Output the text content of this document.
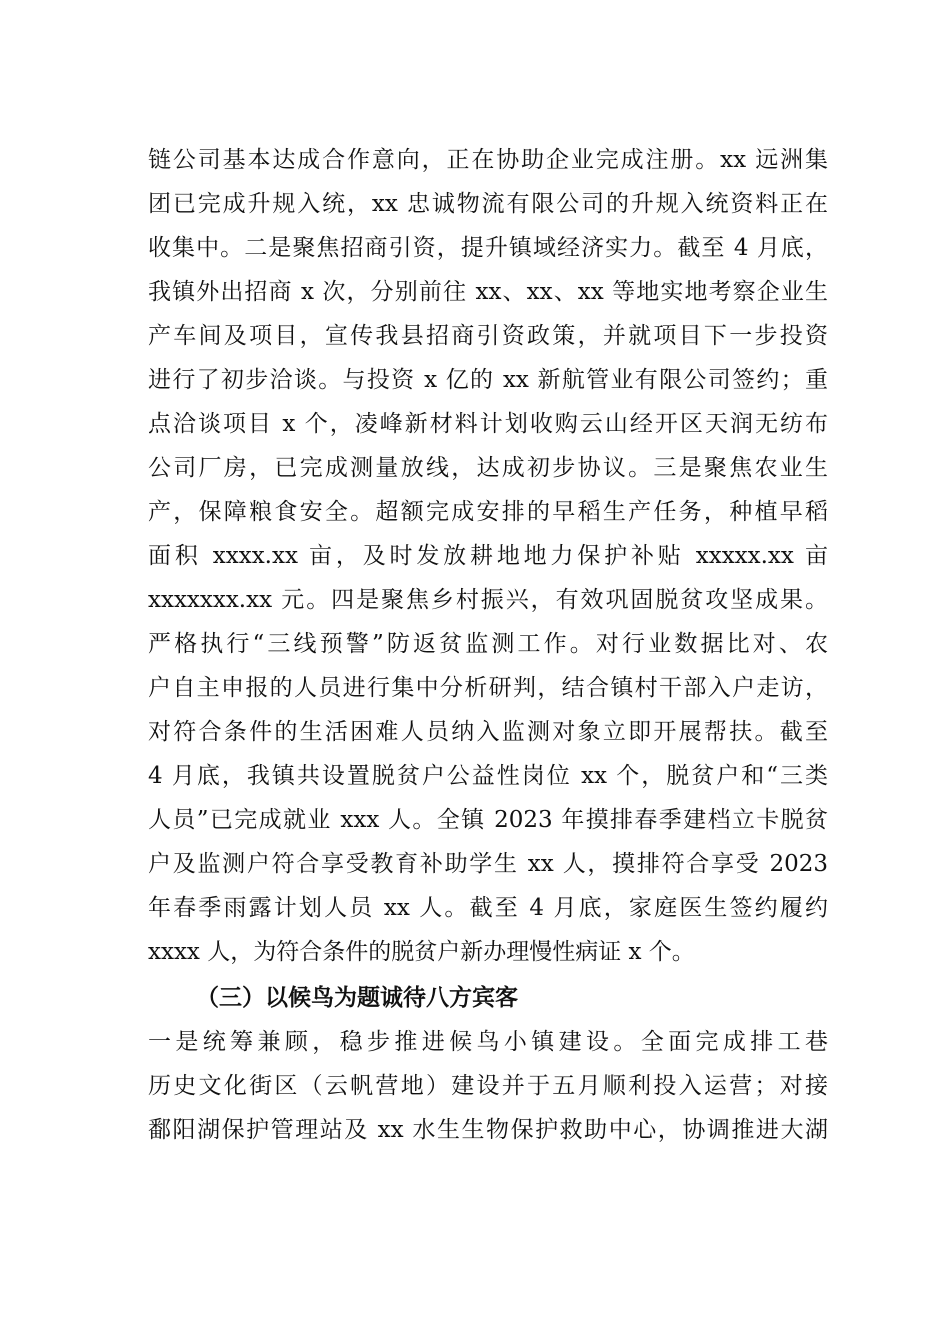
链公司基本达成合作意向，正在协助企业完成注册。xx 远洲集
团已完成升规入统，xx 忠诚物流有限公司的升规入统资料正在
收集中。二是聚焦招商引资，提升镇域经济实力。截至 4 月底，
我镇外出招商 x 次，分别前往 xx、xx、xx 等地实地考察企业生
产车间及项目，宣传我县招商引资政策，并就项目下一步投资
进行了初步洽谈。与投资 x 亿的 xx 新航管业有限公司签约；重
点洽谈项目 x 个，凌峰新材料计划收购云山经开区天润无纺布
公司厂房，已完成测量放线，达成初步协议。三是聚焦农业生
产，保障粮食安全。超额完成安排的早稻生产任务，种植早稻
面积 xxxx.xx 亩，及时发放耕地地力保护补贴 xxxxx.xx 亩
xxxxxxx.xx 元。四是聚焦乡村振兴，有效巩固脱贫攻坚成果。
严格执行“三线预警”防返贫监测工作。对行业数据比对、农
户自主申报的人员进行集中分析研判，结合镇村干部入户走访，
对符合条件的生活困难人员纳入监测对象立即开展帮扶。截至
4 月底，我镇共设置脱贫户公益性岗位 xx 个，脱贫户和“三类
人员”已完成就业 xxx 人。全镇 2023 年摸排春季建档立卡脱贫
户及监测户符合享受教育补助学生 xx 人，摸排符合享受 2023
年春季雨露计划人员 xx 人。截至 4 月底，家庭医生签约履约
xxxx 人，为符合条件的脱贫户新办理慢性病证 x 个。
（三）以候鸟为题诚待八方宾客
一是统筹兼顾，稳步推进候鸟小镇建设。全面完成排工巷
历史文化街区（云帆营地）建设并于五月顺利投入运营；对接
鄱阳湖保护管理站及 xx 水生生物保护救助中心，协调推进大湖
